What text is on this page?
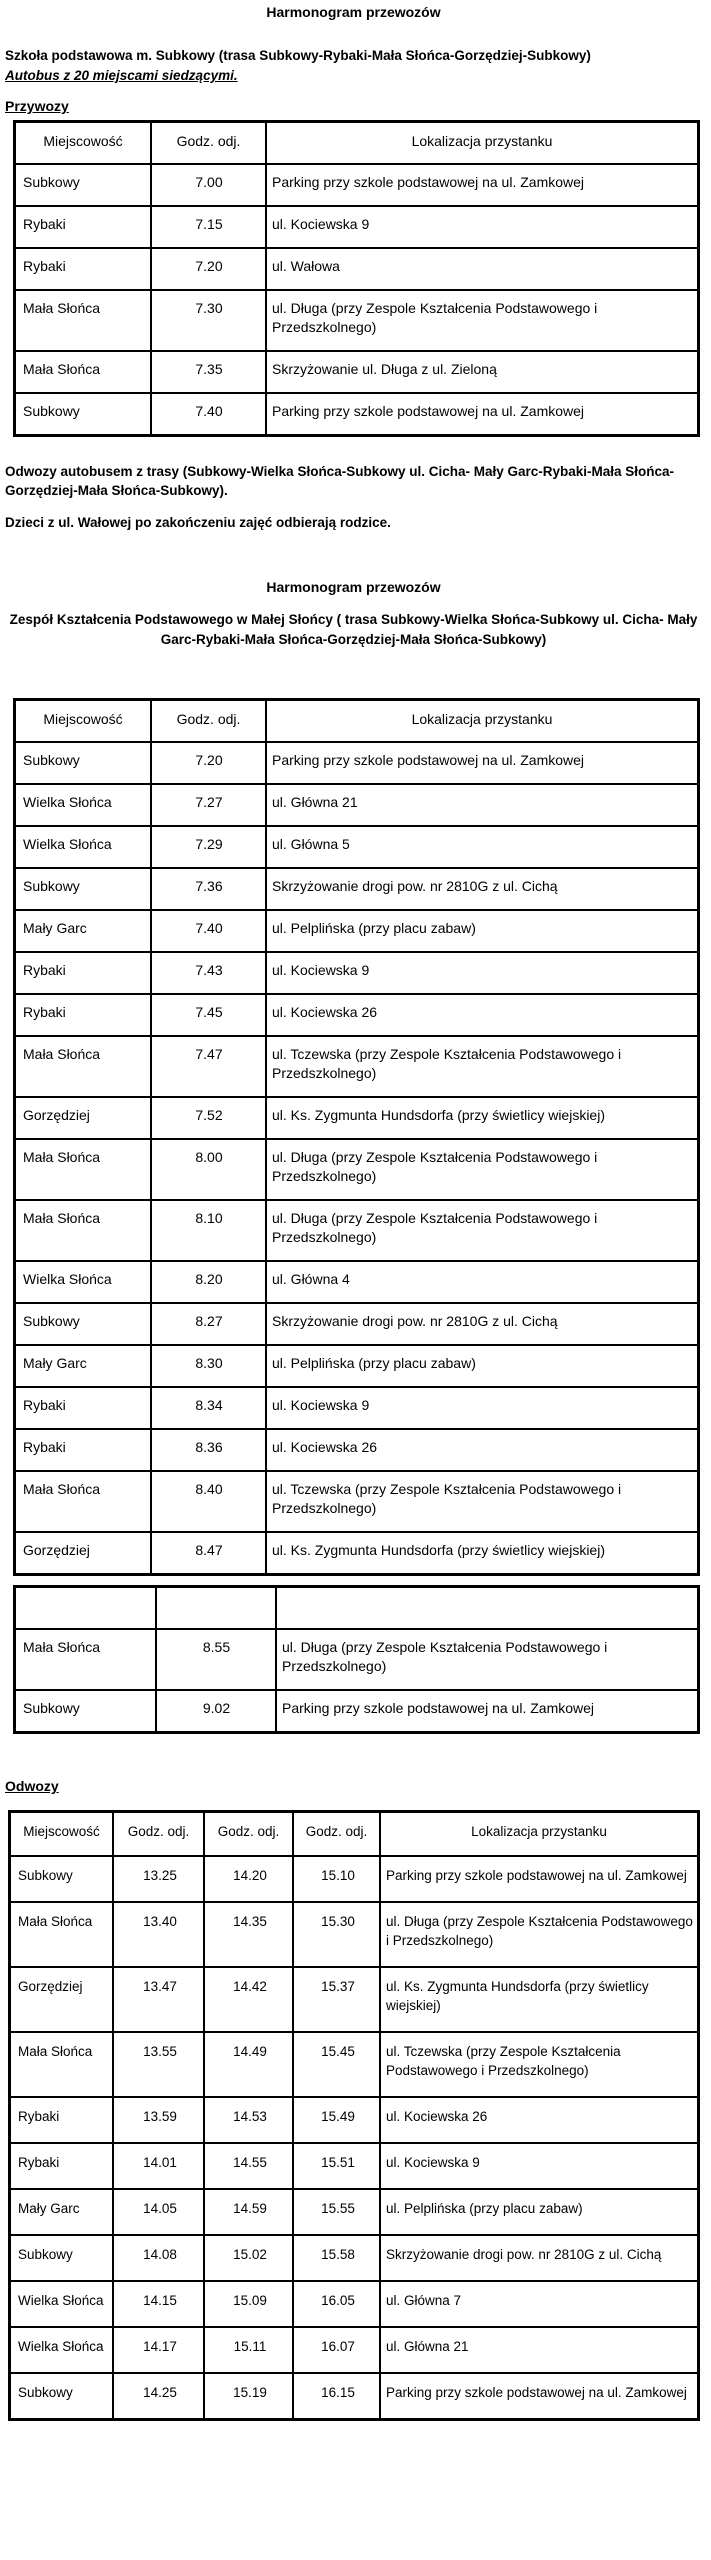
Harmonogram przewozów

Szkoła podstawowa m. Subkowy (trasa Subkowy-Rybaki-Mała Słońca-Gorzędziej-Subkowy)

Autobus z 20 miejscami siedzącymi.

Przywozy

Miejscowość	Godz. odj.	Lokalizacja przystanku
Subkowy	7.00	Parking przy szkole podstawowej na ul. Zamkowej
Rybaki	7.15	ul. Kociewska 9
Rybaki	7.20	ul. Wałowa
Mała Słońca	7.30	ul. Długa (przy Zespole Kształcenia Podstawowego i Przedszkolnego)
Mała Słońca	7.35	Skrzyżowanie ul. Długa z ul. Zieloną
Subkowy	7.40	Parking przy szkole podstawowej na ul. Zamkowej

Odwozy autobusem z trasy (Subkowy-Wielka Słońca-Subkowy ul. Cicha- Mały Garc-Rybaki-Mała Słońca-Gorzędziej-Mała Słońca-Subkowy).

Dzieci z ul. Wałowej po zakończeniu zajęć odbierają rodzice.

Harmonogram przewozów

Zespół Kształcenia Podstawowego w Małej Słońcy ( trasa Subkowy-Wielka Słońca-Subkowy ul. Cicha- Mały Garc-Rybaki-Mała Słońca-Gorzędziej-Mała Słońca-Subkowy)

Miejscowość	Godz. odj.	Lokalizacja przystanku
Subkowy	7.20	Parking przy szkole podstawowej na ul. Zamkowej
Wielka Słońca	7.27	ul. Główna 21
Wielka Słońca	7.29	ul. Główna 5
Subkowy	7.36	Skrzyżowanie drogi pow. nr 2810G z ul. Cichą
Mały Garc	7.40	ul. Pelplińska (przy placu zabaw)
Rybaki	7.43	ul. Kociewska 9
Rybaki	7.45	ul. Kociewska 26
Mała Słońca	7.47	ul. Tczewska (przy Zespole Kształcenia Podstawowego i Przedszkolnego)
Gorzędziej	7.52	ul. Ks. Zygmunta Hundsdorfa (przy świetlicy wiejskiej)
Mała Słońca	8.00	ul. Długa (przy Zespole Kształcenia Podstawowego i Przedszkolnego)
Mała Słońca	8.10	ul. Długa (przy Zespole Kształcenia Podstawowego i Przedszkolnego)
Wielka Słońca	8.20	ul. Główna 4
Subkowy	8.27	Skrzyżowanie drogi pow. nr 2810G z ul. Cichą
Mały Garc	8.30	ul. Pelplińska (przy placu zabaw)
Rybaki	8.34	ul. Kociewska 9
Rybaki	8.36	ul. Kociewska 26
Mała Słońca	8.40	ul. Tczewska (przy Zespole Kształcenia Podstawowego i Przedszkolnego)
Gorzędziej	8.47	ul. Ks. Zygmunta Hundsdorfa (przy świetlicy wiejskiej)

Mała Słońca	8.55	ul. Długa (przy Zespole Kształcenia Podstawowego i Przedszkolnego)
Subkowy	9.02	Parking przy szkole podstawowej na ul. Zamkowej

Odwozy

Miejscowość	Godz. odj.	Godz. odj.	Godz. odj.	Lokalizacja przystanku
Subkowy	13.25	14.20	15.10	Parking przy szkole podstawowej na ul. Zamkowej
Mała Słońca	13.40	14.35	15.30	ul. Długa (przy Zespole Kształcenia Podstawowego i Przedszkolnego)
Gorzędziej	13.47	14.42	15.37	ul. Ks. Zygmunta Hundsdorfa (przy świetlicy wiejskiej)
Mała Słońca	13.55	14.49	15.45	ul. Tczewska (przy Zespole Kształcenia Podstawowego i Przedszkolnego)
Rybaki	13.59	14.53	15.49	ul. Kociewska 26
Rybaki	14.01	14.55	15.51	ul. Kociewska 9
Mały Garc	14.05	14.59	15.55	ul. Pelplińska (przy placu zabaw)
Subkowy	14.08	15.02	15.58	Skrzyżowanie drogi pow. nr 2810G z ul. Cichą
Wielka Słońca	14.15	15.09	16.05	ul. Główna 7
Wielka Słońca	14.17	15.11	16.07	ul. Główna 21
Subkowy	14.25	15.19	16.15	Parking przy szkole podstawowej na ul. Zamkowej
